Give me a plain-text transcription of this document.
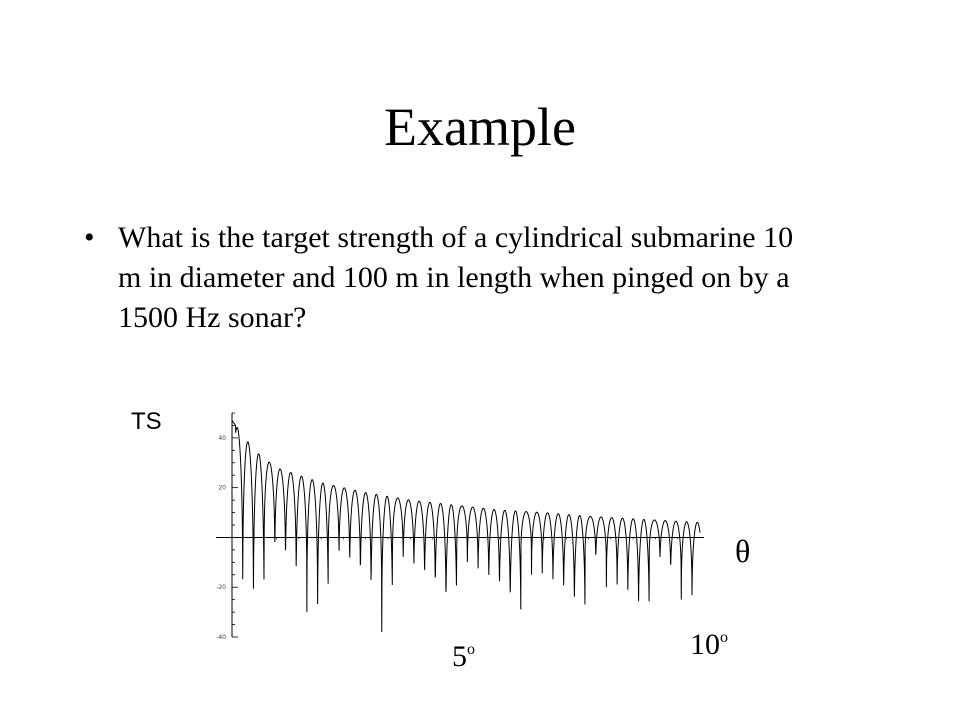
Example
• What is the target strength of a cylindrical submarine 10 m in diameter and 100 m in length when pinged on by a 1500 Hz sonar?
TS
θ
5$^o$	10$^o$
-40
-20
20
40
